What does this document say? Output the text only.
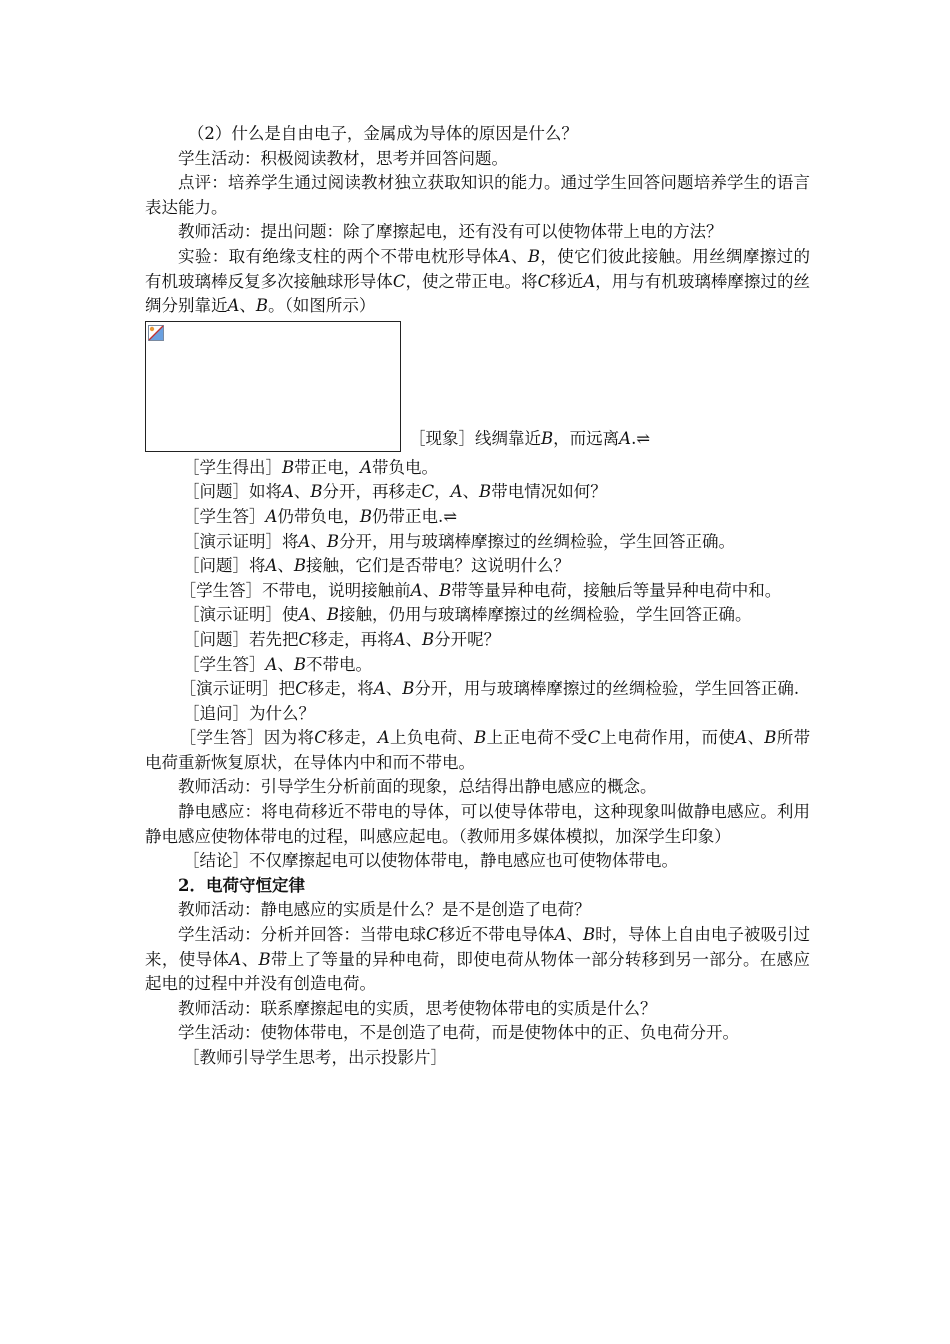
（2）什么是自由电子，金属成为导体的原因是什么？

学生活动：积极阅读教材，思考并回答问题。

点评：培养学生通过阅读教材独立获取知识的能力。通过学生回答问题培养学生的语言表达能力。

教师活动：提出问题：除了摩擦起电，还有没有可以使物体带上电的方法？

实验：取有绝缘支柱的两个不带电枕形导体A、B，使它们彼此接触。用丝绸摩擦过的有机玻璃棒反复多次接触球形导体C，使之带正电。将C移近A，用与有机玻璃棒摩擦过的丝绸分别靠近A、B。（如图所示）

［现象］线绸靠近B，而远离A.⇌

［学生得出］B带正电，A带负电。

［问题］如将A、B分开，再移走C，A、B带电情况如何？

［学生答］A仍带负电，B仍带正电.⇌

［演示证明］将A、B分开，用与玻璃棒摩擦过的丝绸检验，学生回答正确。

［问题］将A、B接触，它们是否带电？这说明什么？

［学生答］不带电，说明接触前A、B带等量异种电荷，接触后等量异种电荷中和。

［演示证明］使A、B接触，仍用与玻璃棒摩擦过的丝绸检验，学生回答正确。

［问题］若先把C移走，再将A、B分开呢？

［学生答］A、B不带电。

［演示证明］把C移走，将A、B分开，用与玻璃棒摩擦过的丝绸检验，学生回答正确.

［追问］为什么？

［学生答］因为将C移走，A上负电荷、B上正电荷不受C上电荷作用，而使A、B所带电荷重新恢复原状，在导体内中和而不带电。

教师活动：引导学生分析前面的现象，总结得出静电感应的概念。

静电感应：将电荷移近不带电的导体，可以使导体带电，这种现象叫做静电感应。利用静电感应使物体带电的过程，叫感应起电。（教师用多媒体模拟，加深学生印象）

［结论］不仅摩擦起电可以使物体带电，静电感应也可使物体带电。

2．电荷守恒定律

教师活动：静电感应的实质是什么？是不是创造了电荷？

学生活动：分析并回答：当带电球C移近不带电导体A、B时，导体上自由电子被吸引过来，使导体A、B带上了等量的异种电荷，即使电荷从物体一部分转移到另一部分。在感应起电的过程中并没有创造电荷。

教师活动：联系摩擦起电的实质，思考使物体带电的实质是什么？

学生活动：使物体带电，不是创造了电荷，而是使物体中的正、负电荷分开。

［教师引导学生思考，出示投影片］
